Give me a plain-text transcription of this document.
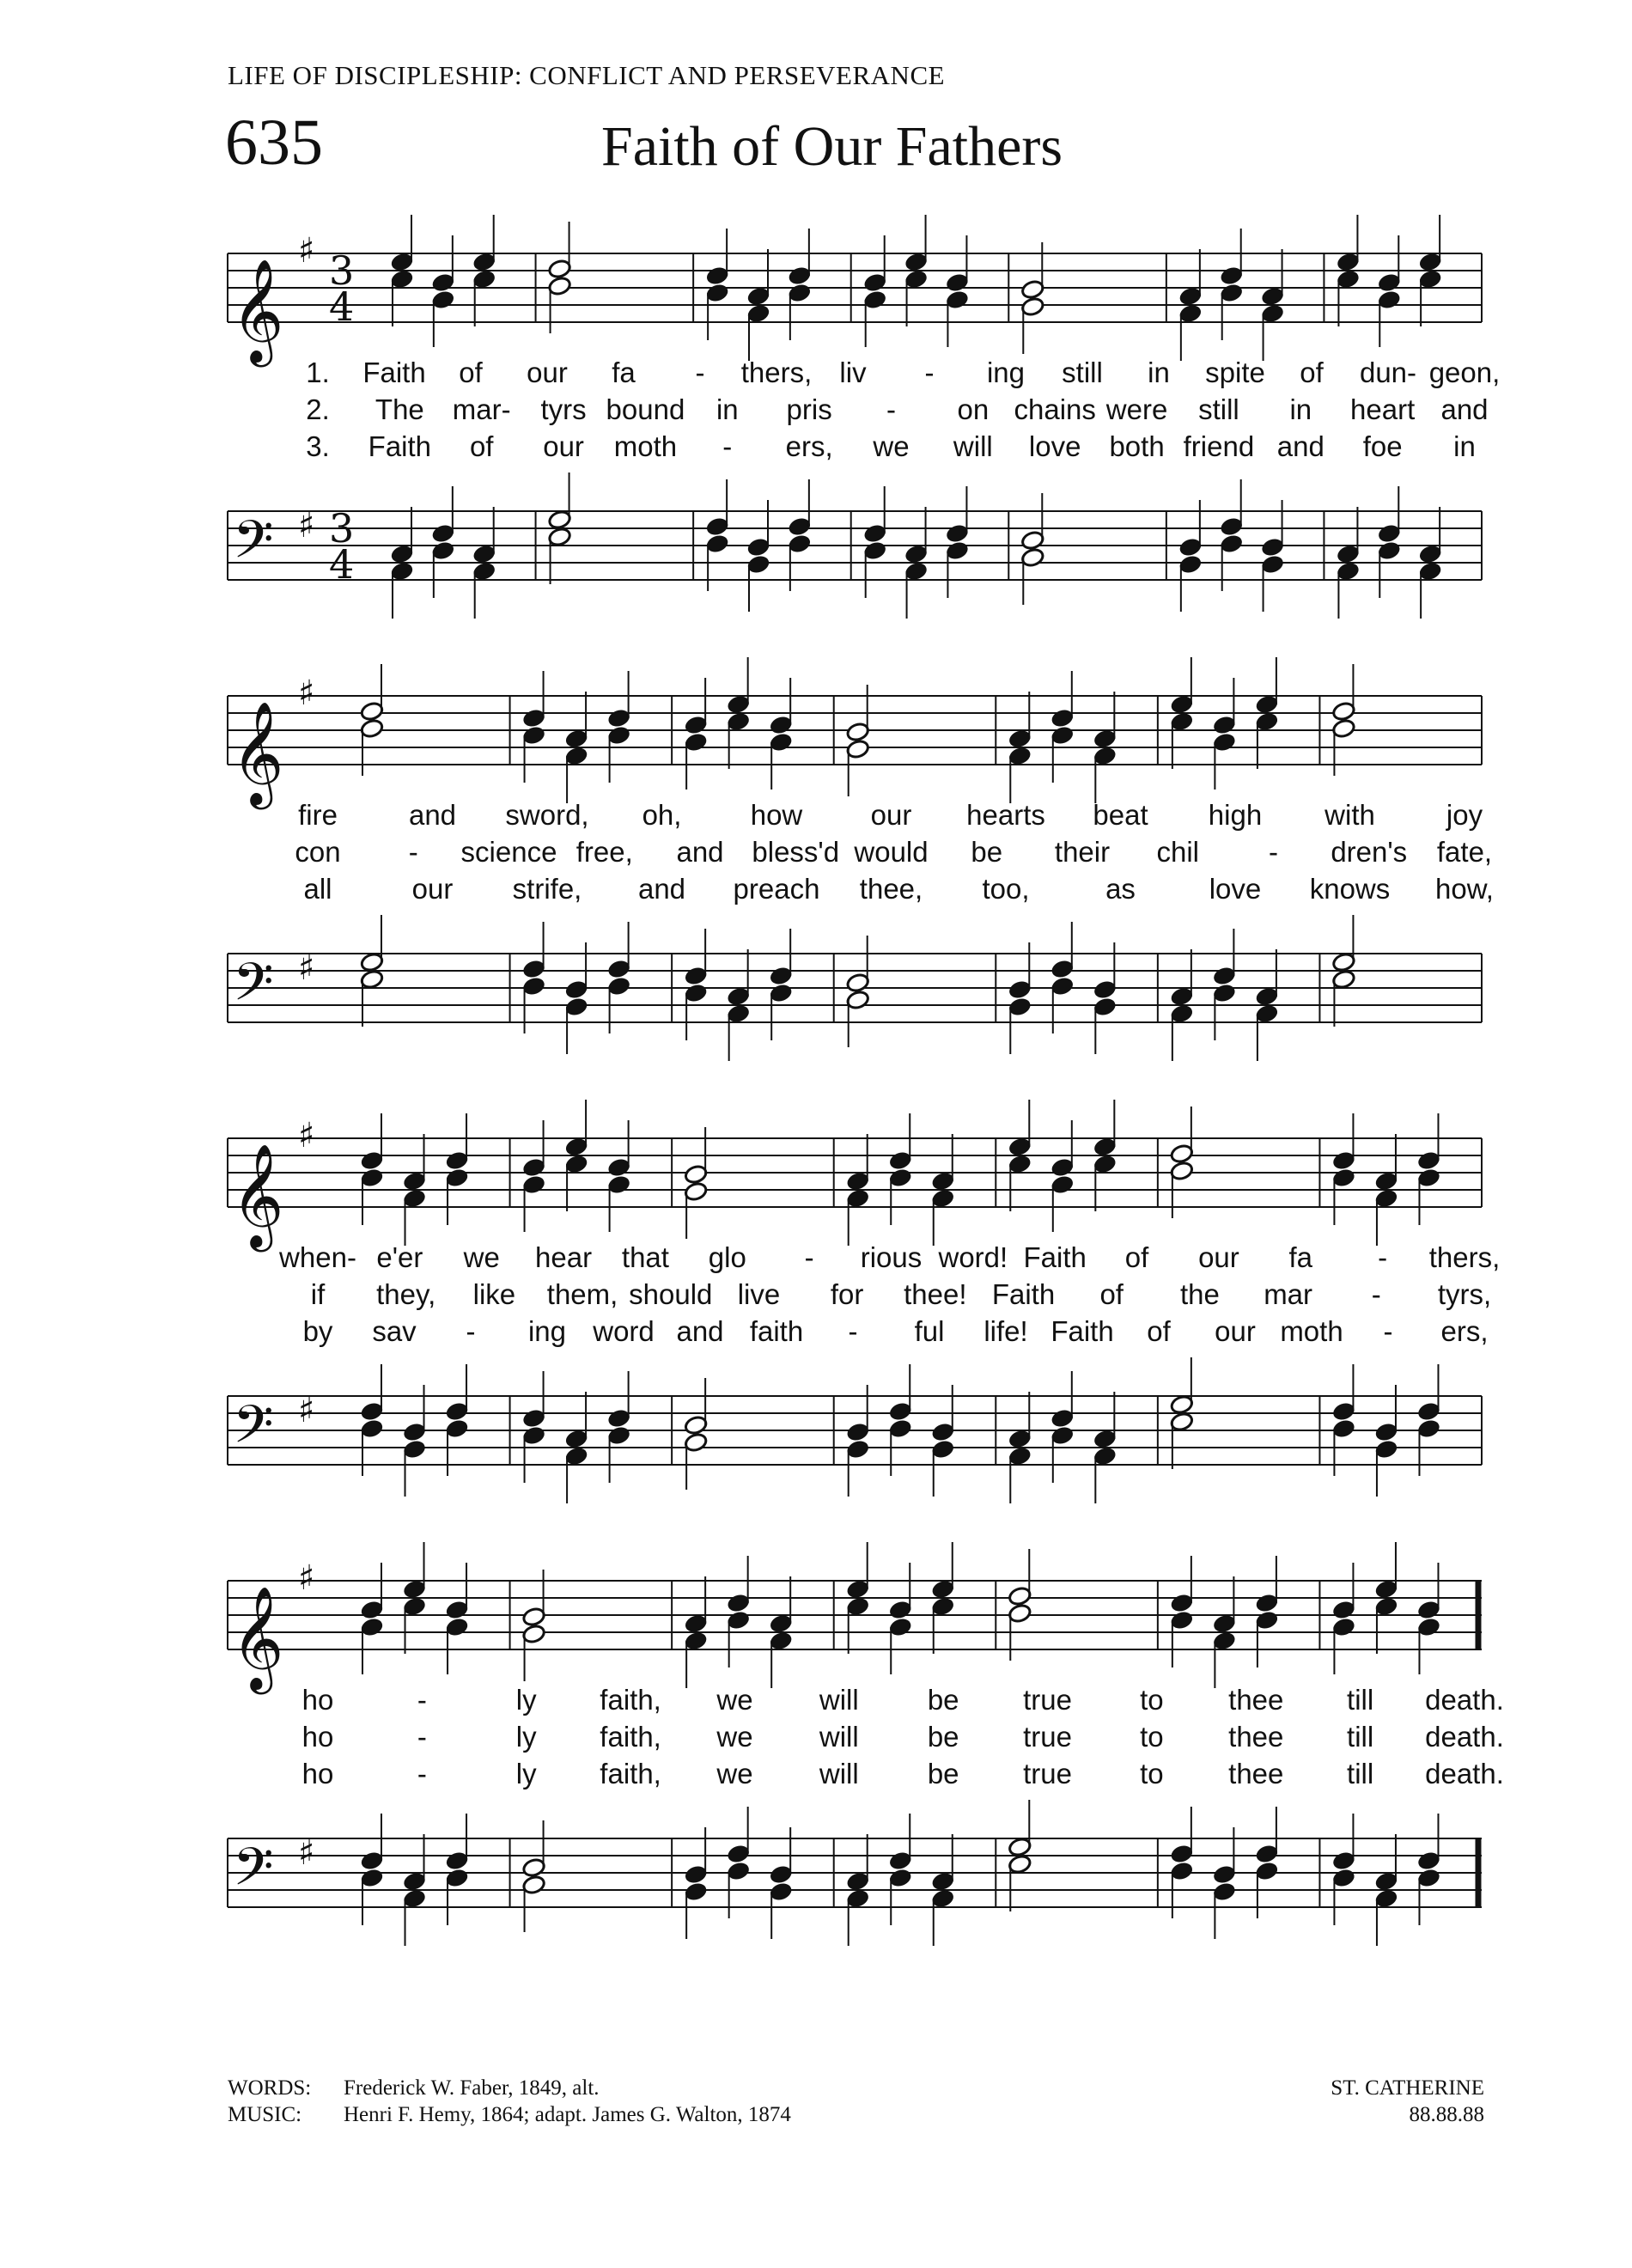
LIFE OF DISCIPLESHIP: CONFLICT AND PERSEVERANCE
635	Faith of Our Fathers
𝄞
♯ 3
4
1. Faith of our fa - thers, liv - ing still in spite of dun- geon,
2. The mar- tyrs bound in pris - on chains were still in heart and
3. Faith of our moth - ers, we will love both friend and foe in
𝄢 ♯ 3
4
𝄞
♯
fire	and sword, oh, how our hearts beat high with	joy
con - science free, and bless'd would be their chil - dren's fate,
all	our strife, and preach thee, too,	as	love knows how,
𝄢 ♯
𝄞
♯
when- e'er we hear that glo - rious word! Faith of our fa - thers,
if they, like them, should live for thee! Faith of the mar - tyrs,
by sav - ing word and faith - ful life! Faith of our moth - ers,
𝄢 ♯
𝄞
♯
ho	-	ly faith, we will be true to thee till death.
ho	-	ly faith, we will be true to thee till death.
ho	-	ly faith, we will be true to thee till death.
𝄢 ♯
WORDS: Frederick W. Faber, 1849, alt.
MUSIC: Henri F. Hemy, 1864; adapt. James G. Walton, 1874
ST. CATHERINE
88.88.88
